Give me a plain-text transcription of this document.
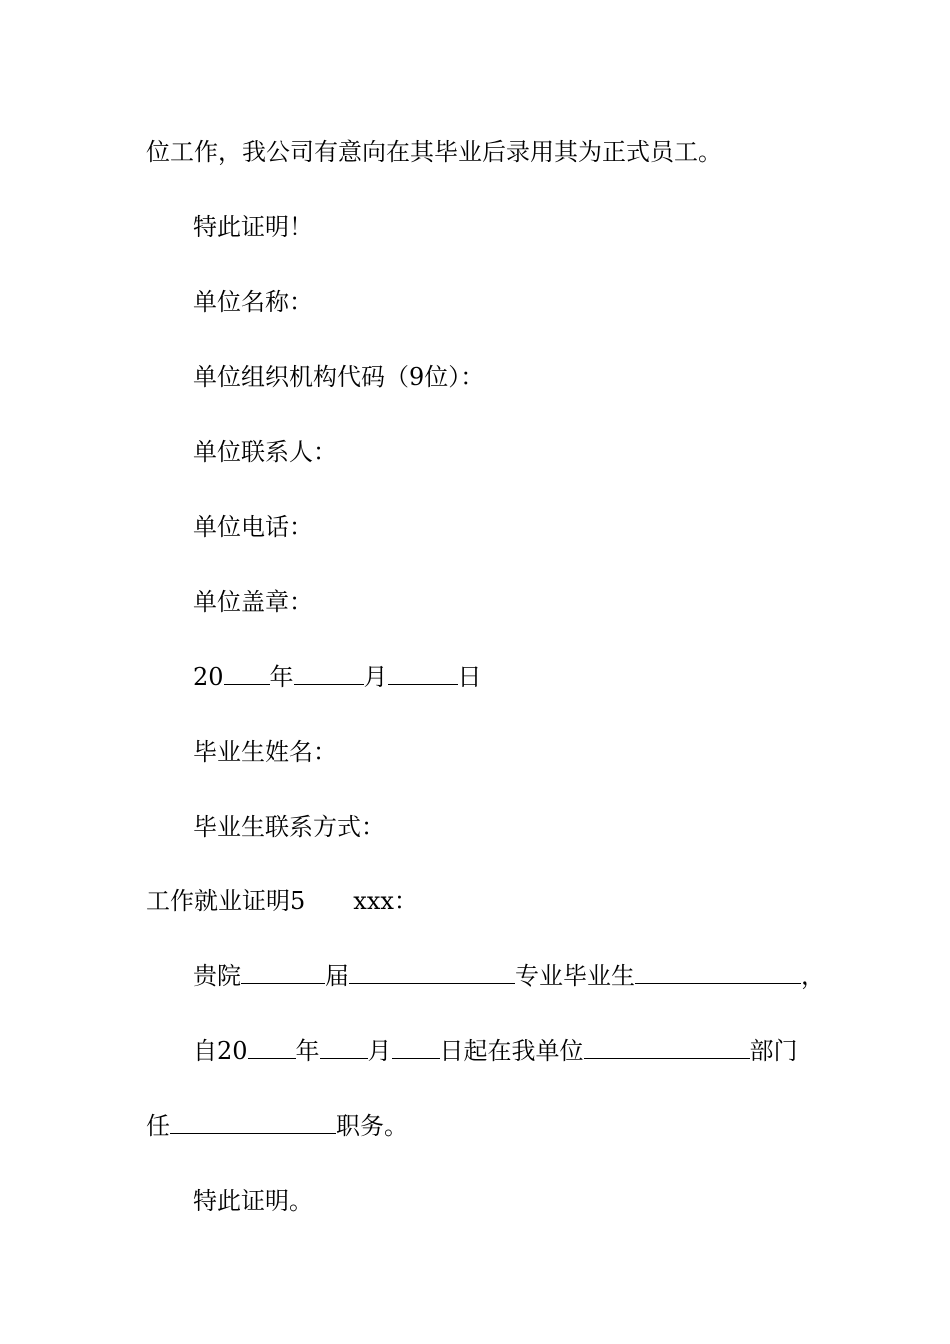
位工作，我公司有意向在其毕业后录用其为正式员工。
特此证明！
单位名称：
单位组织机构代码（9位）：
单位联系人：
单位电话：
单位盖章：
20 年	月	日
毕业生姓名：
毕业生联系方式：
工作就业证明5 xxx：
贵院	届	专业毕业生	，
自20 年 月 日起在我单位	部门
任	职务。
特此证明。
